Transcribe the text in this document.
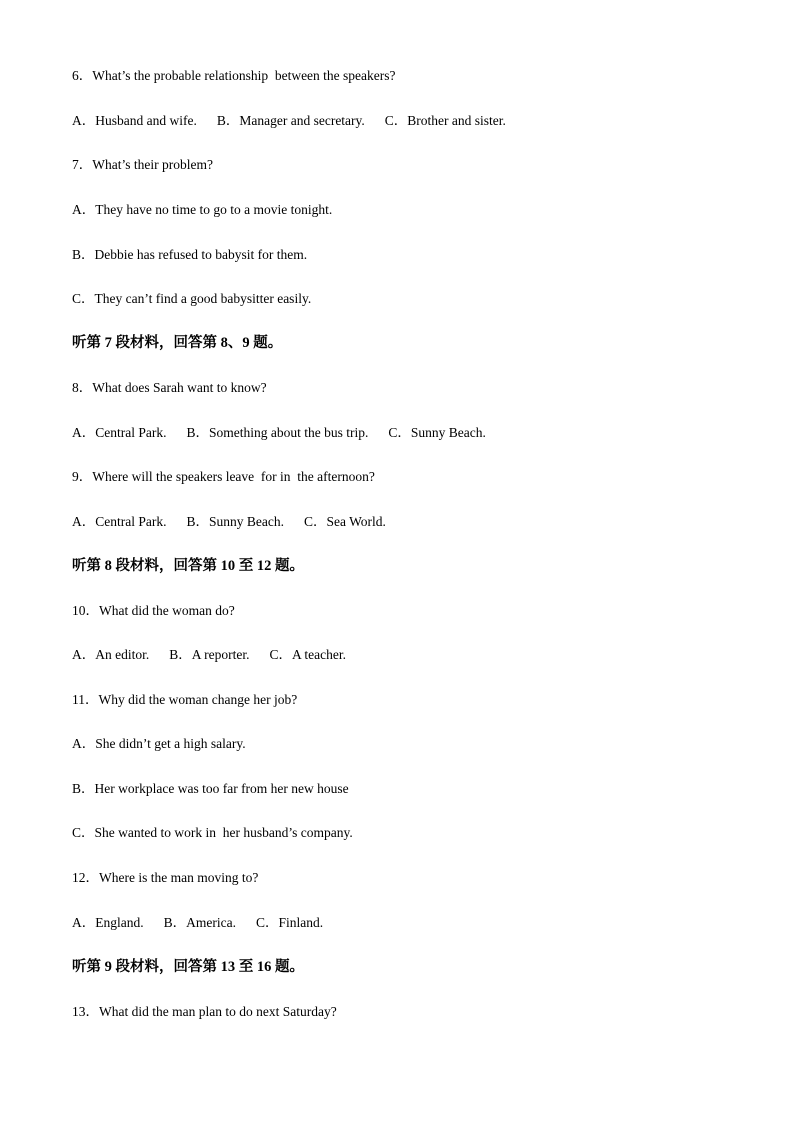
6．What’s the probable relationship  between the speakers?
A．Husband and wife. B．Manager and secretary. C．Brother and sister.
7．What’s their problem?
A．They have no time to go to a movie tonight.
B．Debbie has refused to babysit for them.
C．They can’t find a good babysitter easily.
听第 7 段材料，回答第 8、9 题。
8．What does Sarah want to know?
A．Central Park. B．Something about the bus trip. C．Sunny Beach.
9．Where will the speakers leave  for in  the afternoon?
A．Central Park. B．Sunny Beach. C．Sea World.
听第 8 段材料，回答第 10 至 12 题。
10．What did the woman do?
A．An editor. B．A reporter. C．A teacher.
11．Why did the woman change her job?
A．She didn’t get a high salary.
B．Her workplace was too far from her new house
C．She wanted to work in  her husband’s company.
12．Where is the man moving to?
A．England. B．America. C．Finland.
听第 9 段材料，回答第 13 至 16 题。
13．What did the man plan to do next Saturday?
